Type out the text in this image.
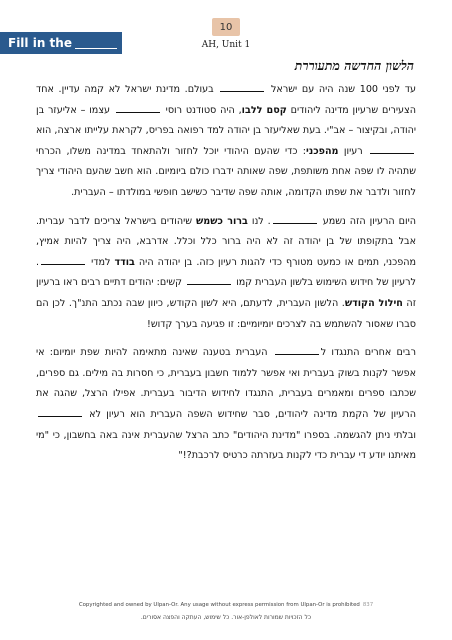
10
AH, Unit 1
Fill in the
הלשון החדשה מתעוררת

עד לפני 100 שנה היה עם ישראל  בעולם. מדינת ישראל לא קמה עדיין. אחד הצעירים שרעיון מדינה ליהודים קסם ללבו, היה סטודנט רוסי  עצמו – אליעזר בן יהודה, ובקיצור – אב"י. בעת שאליעזר בן יהודה למד רפואה בפריס, לקראת עלייתו ארצה, הוא  רעיון מהפכני: כדי שהעם היהודי יוכל לחזור ולהתאחד במדינה משלו, הכרחי שתהיה לו שפה אחת משותפת, שפה שאותה ידברו כולם ביומיום. הוא חשב שהעם היהודי צריך לחזור ולדבר את שפתו הקדומה, אותה שפה שדיבר כשישב חופשי במולדתו – העברית.

היום הרעיון הזה נשמע . לנו ברור כשמש שיהודים בישראל צריכים לדבר עברית. אבל בתקופתו של בן יהודה זה לא היה ברור כלל וכלל. אדרבא, היה צריך להיות אמיץ, מהפכני, תמים או כמעט מטורף כדי להגות רעיון כזה. בן יהודה היה בודד למדי . לרעיון של חידוש השימוש בלשון העברית קמו  קשים: יהודים דתיים רבים ראו ברעיון זה חילול הקודש. הלשון העברית, לדעתם, היא לשון הקודש, כיוון שבה נכתב התנ"ך. לכן הם סברו שאסור להשתמש בה לצרכים יומיומיים: זו פגיעה בערך קדוש!

רבים אחרים התנגדו ל העברית בטענה שאינה מתאימה להיות שפת יומיום: אי אפשר לקנות בשוק בעברית ואי אפשר ללמוד חשבון בעברית, כי חסרות בה מילים. גם ספרים, שכתבו ספרים ומאמרים בעברית, התנגדו לחידוש הדיבור בעברית. אפילו הרצל, שהגה את הרעיון של הקמת מדינה ליהודים, סבר שחידוש השפה העברית הוא רעיון לא  ובלתי ניתן להגשמה. בספרו "מדינת היהודים" כתב הרצל שהעברית אינה באה בחשבון, כי "מי מאיתנו יודע די עברית כדי לקנות בעזרתה כרטיס לרכבת?!"

Copyrighted and owned by Ulpan-Or. Any usage without express permission from Ulpan-Or is prohibited 837
כל הזכויות שמורות לאולפן-אור. כל שימוש, העתקה והפצה אסורים.
